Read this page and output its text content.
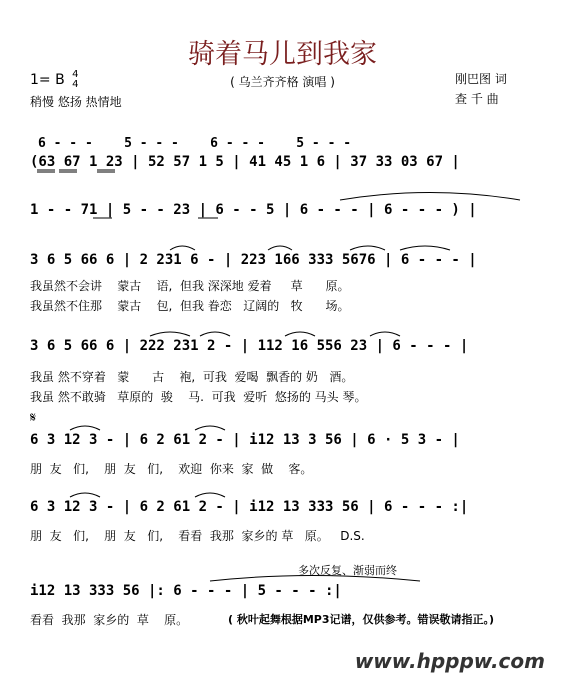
骑着马儿到我家
( 乌兰齐齐格 演唱 )
1= B 4
4
稍慢 悠扬 热情地
刚巴图 词
查 千 曲
6 - - -    5 - - -    6 - - -    5 - - -
(63 67 1 23 | 52 57 1 5 | 41 45 1 6 | 37 33 03 67 |
1 - - 71 | 5 - - 23 | 6 - - 5 | 6 - - - | 6 - - - ) |
3 6 5 66 6 | 2 231 6 - | 223 166 333 5676 | 6 - - - |
我虽然不会讲    蒙古    语,  但我 深深地 爱着     草      原。
我虽然不住那    蒙古    包,  但我 眷恋   辽阔的   牧      场。
3 6 5 66 6 | 222 231 2 - | 112 16 556 23 | 6 - - - |
我虽 然不穿着   蒙      古    袍,  可我  爱喝  飘香的 奶   酒。
我虽 然不敢骑   草原的  骏    马.  可我  爱听  悠扬的 马头 琴。
𝄋
6 3 12 3 - | 6 2 61 2 - | i12 13 3 56 | 6 · 5 3 - |
朋  友   们,    朋  友   们,    欢迎  你来  家  做    客。
6 3 12 3 - | 6 2 61 2 - | i12 13 333 56 | 6 - - - :|
朋  友   们,    朋  友   们,    看看  我那  家乡的 草   原。   D.S.
多次反复、渐弱而终
i12 13 333 56 |: 6 - - - | 5 - - - :|
看看  我那  家乡的  草    原。	( 秋叶起舞根据MP3记谱，仅供参考。错误敬请指正。)
www.hpppw.com
